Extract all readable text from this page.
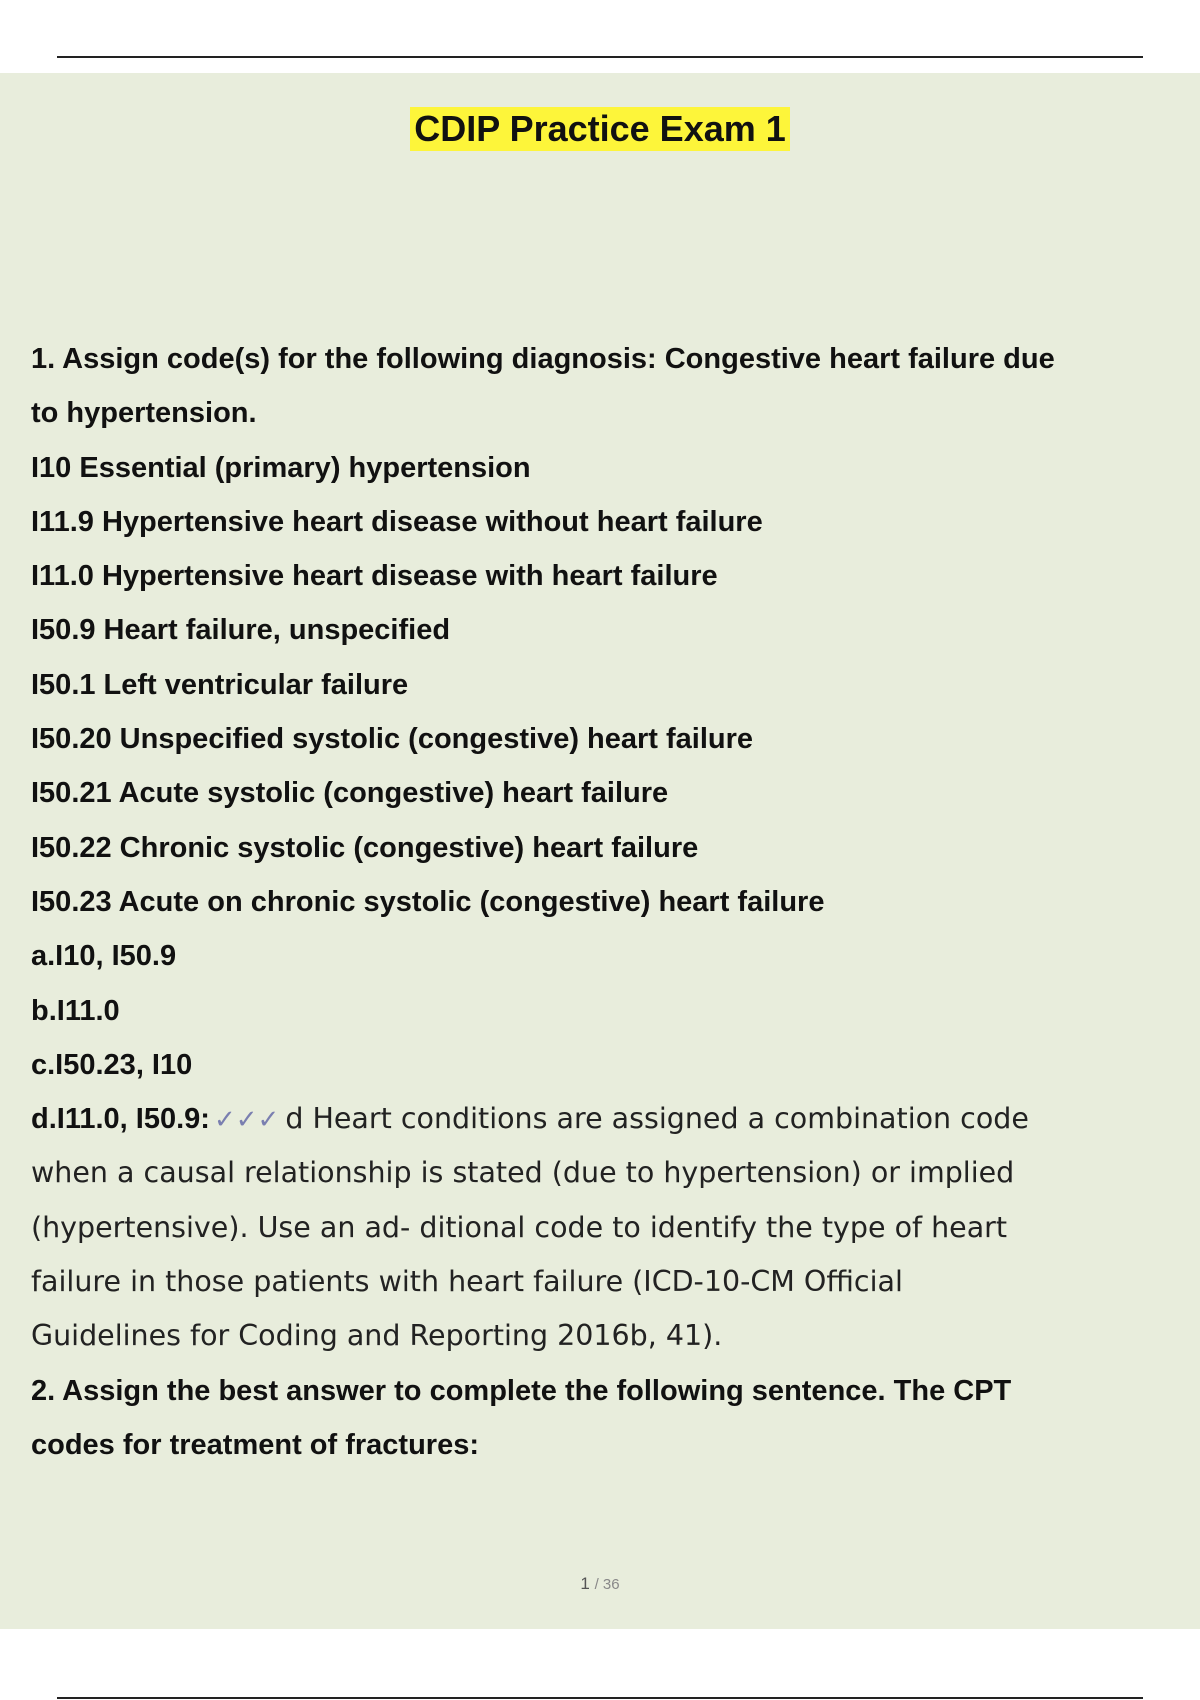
CDIP Practice Exam 1
1. Assign code(s) for the following diagnosis: Congestive heart failure due
to hypertension.
I10 Essential (primary) hypertension
I11.9 Hypertensive heart disease without heart failure
I11.0 Hypertensive heart disease with heart failure
I50.9 Heart failure, unspecified
I50.1 Left ventricular failure
I50.20 Unspecified systolic (congestive) heart failure
I50.21 Acute systolic (congestive) heart failure
I50.22 Chronic systolic (congestive) heart failure
I50.23 Acute on chronic systolic (congestive) heart failure
a.I10, I50.9
b.I11.0
c.I50.23, I10
d.I11.0, I50.9: ✓✓✓ d Heart conditions are assigned a combination code
when a causal relationship is stated (due to hypertension) or implied
(hypertensive). Use an ad- ditional code to identify the type of heart
failure in those patients with heart failure (ICD-10-CM Official
Guidelines for Coding and Reporting 2016b, 41).
2. Assign the best answer to complete the following sentence. The CPT
codes for treatment of fractures:
1 / 36
